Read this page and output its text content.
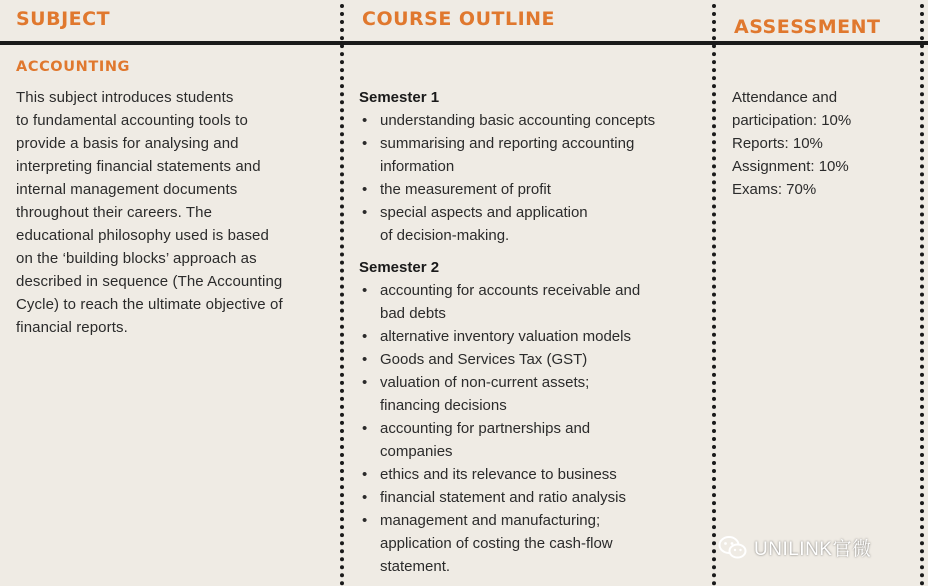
SUBJECT	COURSE OUTLINE	ASSESSMENT
ACCOUNTING

This subject introduces students
to fundamental accounting tools to
provide a basis for analysing and
interpreting financial statements and
internal management documents
throughout their careers. The
educational philosophy used is based
on the ‘building blocks’ approach as
described in sequence (The Accounting
Cycle) to reach the ultimate objective of
financial reports.

Semester 1
• understanding basic accounting concepts
• summarising and reporting accounting
information
• the measurement of profit
• special aspects and application
of decision-making.
Semester 2
• accounting for accounts receivable and
bad debts
• alternative inventory valuation models
• Goods and Services Tax (GST)
• valuation of non-current assets;
financing decisions
• accounting for partnerships and
companies
• ethics and its relevance to business
• financial statement and ratio analysis
• management and manufacturing;
application of costing the cash-flow
statement.
Attendance and
participation: 10%
Reports: 10%
Assignment: 10%
Exams: 70%
UNILINK官微
